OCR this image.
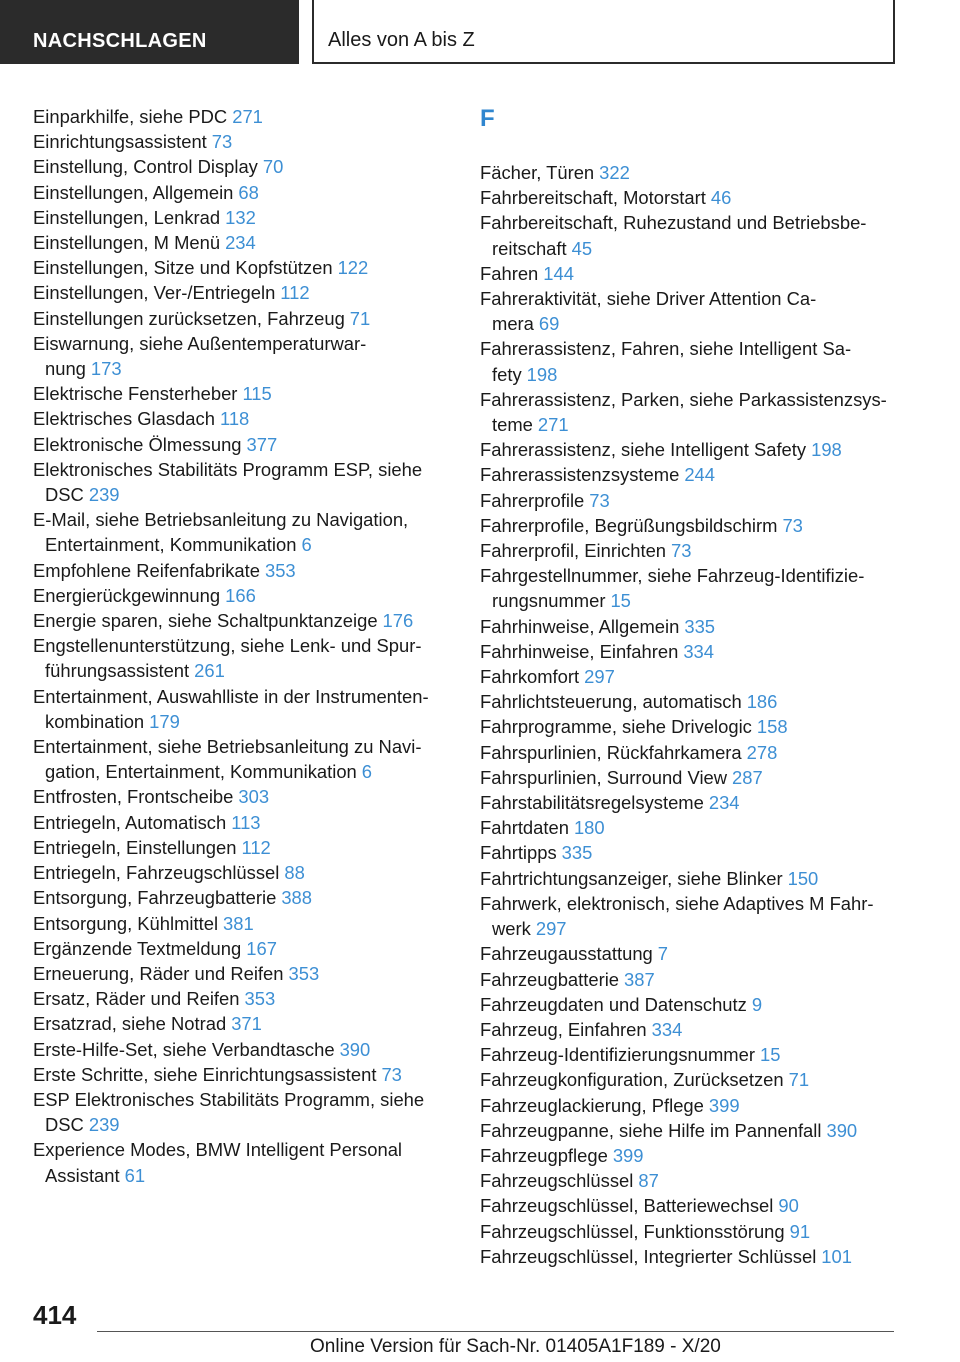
NACHSCHLAGEN	Alles von A bis Z
Einparkhilfe, siehe PDC 271
Einrichtungsassistent 73
Einstellung, Control Display 70
Einstellungen, Allgemein 68
Einstellungen, Lenkrad 132
Einstellungen, M Menü 234
Einstellungen, Sitze und Kopfstützen 122
Einstellungen, Ver-/Entriegeln 112
Einstellungen zurücksetzen, Fahrzeug 71
Eiswarnung, siehe Außentemperaturwar-
nung 173
Elektrische Fensterheber 115
Elektrisches Glasdach 118
Elektronische Ölmessung 377
Elektronisches Stabilitäts Programm ESP, siehe
DSC 239
E-Mail, siehe Betriebsanleitung zu Navigation,
Entertainment, Kommunikation 6
Empfohlene Reifenfabrikate 353
Energierückgewinnung 166
Energie sparen, siehe Schaltpunktanzeige 176
Engstellenunterstützung, siehe Lenk- und Spur-
führungsassistent 261
Entertainment, Auswahlliste in der Instrumenten-
kombination 179
Entertainment, siehe Betriebsanleitung zu Navi-
gation, Entertainment, Kommunikation 6
Entfrosten, Frontscheibe 303
Entriegeln, Automatisch 113
Entriegeln, Einstellungen 112
Entriegeln, Fahrzeugschlüssel 88
Entsorgung, Fahrzeugbatterie 388
Entsorgung, Kühlmittel 381
Ergänzende Textmeldung 167
Erneuerung, Räder und Reifen 353
Ersatz, Räder und Reifen 353
Ersatzrad, siehe Notrad 371
Erste-Hilfe-Set, siehe Verbandtasche 390
Erste Schritte, siehe Einrichtungsassistent 73
ESP Elektronisches Stabilitäts Programm, siehe
DSC 239
Experience Modes, BMW Intelligent Personal
Assistant 61
F
Fächer, Türen 322
Fahrbereitschaft, Motorstart 46
Fahrbereitschaft, Ruhezustand und Betriebsbe-
reitschaft 45
Fahren 144
Fahreraktivität, siehe Driver Attention Ca-
mera 69
Fahrerassistenz, Fahren, siehe Intelligent Sa-
fety 198
Fahrerassistenz, Parken, siehe Parkassistenzsys-
teme 271
Fahrerassistenz, siehe Intelligent Safety 198
Fahrerassistenzsysteme 244
Fahrerprofile 73
Fahrerprofile, Begrüßungsbildschirm 73
Fahrerprofil, Einrichten 73
Fahrgestellnummer, siehe Fahrzeug-Identifizie-
rungsnummer 15
Fahrhinweise, Allgemein 335
Fahrhinweise, Einfahren 334
Fahrkomfort 297
Fahrlichtsteuerung, automatisch 186
Fahrprogramme, siehe Drivelogic 158
Fahrspurlinien, Rückfahrkamera 278
Fahrspurlinien, Surround View 287
Fahrstabilitätsregelsysteme 234
Fahrtdaten 180
Fahrtipps 335
Fahrtrichtungsanzeiger, siehe Blinker 150
Fahrwerk, elektronisch, siehe Adaptives M Fahr-
werk 297
Fahrzeugausstattung 7
Fahrzeugbatterie 387
Fahrzeugdaten und Datenschutz 9
Fahrzeug, Einfahren 334
Fahrzeug-Identifizierungsnummer 15
Fahrzeugkonfiguration, Zurücksetzen 71
Fahrzeuglackierung, Pflege 399
Fahrzeugpanne, siehe Hilfe im Pannenfall 390
Fahrzeugpflege 399
Fahrzeugschlüssel 87
Fahrzeugschlüssel, Batteriewechsel 90
Fahrzeugschlüssel, Funktionsstörung 91
Fahrzeugschlüssel, Integrierter Schlüssel 101
414
Online Version für Sach-Nr. 01405A1F189 - X/20
